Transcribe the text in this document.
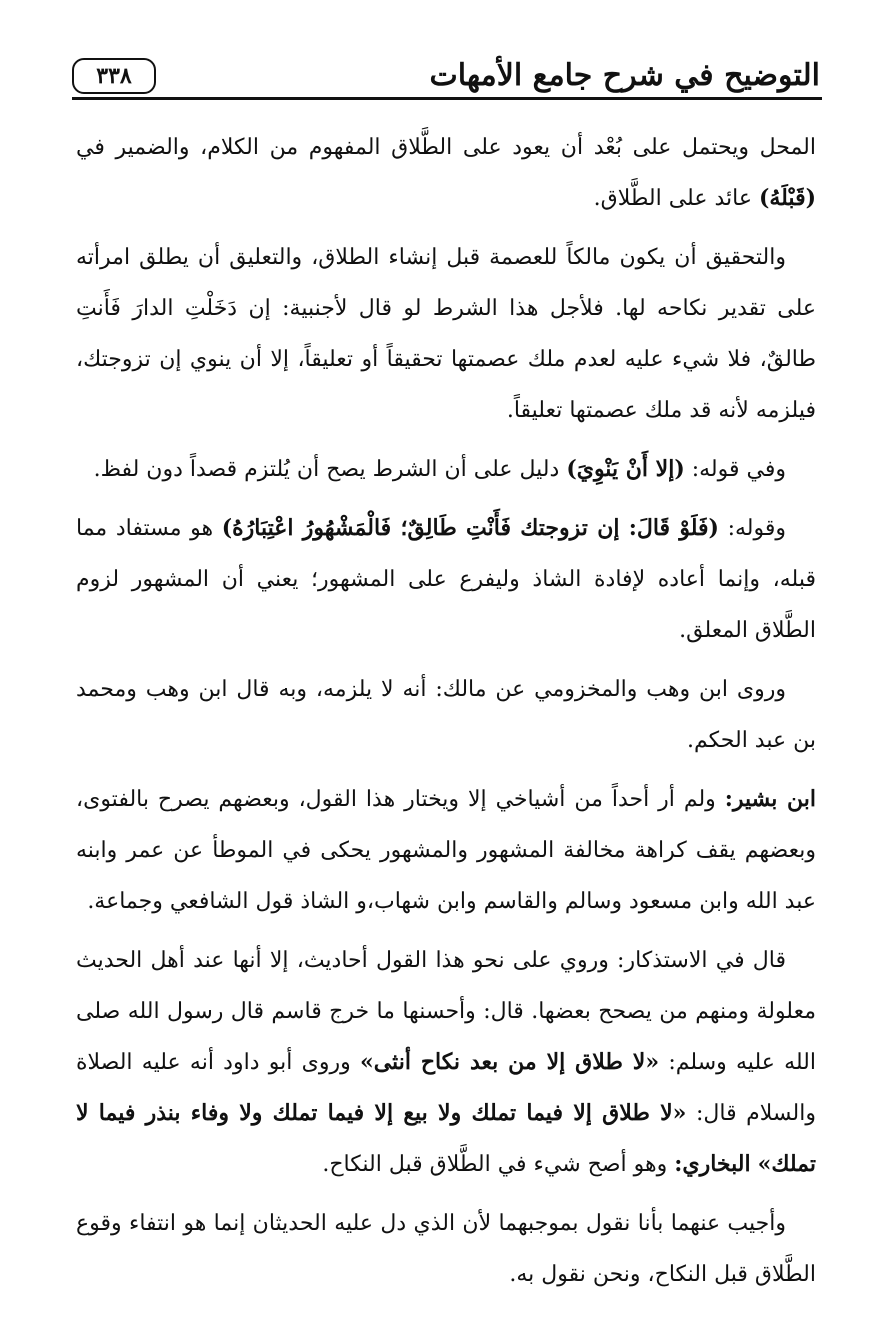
التوضيح في شرح جامع الأمهات
٣٣٨

المحل ويحتمل على بُعْد أن يعود على الطَّلاق المفهوم من الكلام، والضمير في (قَبْلَهُ) عائد على الطَّلاق.

والتحقيق أن يكون مالكاً للعصمة قبل إنشاء الطلاق، والتعليق أن يطلق امرأته على تقدير نكاحه لها. فلأجل هذا الشرط لو قال لأجنبية: إن دَخَلْتِ الدارَ فَأَنتِ طالقٌ، فلا شيء عليه لعدم ملك عصمتها تحقيقاً أو تعليقاً، إلا أن ينوي إن تزوجتك، فيلزمه لأنه قد ملك عصمتها تعليقاً.

وفي قوله: (إلا أَنْ يَنْوِيَ) دليل على أن الشرط يصح أن يُلتزم قصداً دون لفظ.

وقوله: (فَلَوْ قَالَ: إن تزوجتك فَأَنْتِ طَالِقٌ؛ فَالْمَشْهُورُ اعْتِبَارُهُ) هو مستفاد مما قبله، وإنما أعاده لإفادة الشاذ وليفرع على المشهور؛ يعني أن المشهور لزوم الطَّلاق المعلق.

وروى ابن وهب والمخزومي عن مالك: أنه لا يلزمه، وبه قال ابن وهب ومحمد بن عبد الحكم.

ابن بشير: ولم أر أحداً من أشياخي إلا ويختار هذا القول، وبعضهم يصرح بالفتوى، وبعضهم يقف كراهة مخالفة المشهور والمشهور يحكى في الموطأ عن عمر وابنه عبد الله وابن مسعود وسالم والقاسم وابن شهاب،و الشاذ قول الشافعي وجماعة.

قال في الاستذكار: وروي على نحو هذا القول أحاديث، إلا أنها عند أهل الحديث معلولة ومنهم من يصحح بعضها. قال: وأحسنها ما خرج قاسم قال رسول الله صلى الله عليه وسلم: «لا طلاق إلا من بعد نكاح أنثى» وروى أبو داود أنه عليه الصلاة والسلام قال: «لا طلاق إلا فيما تملك ولا بيع إلا فيما تملك ولا وفاء بنذر فيما لا تملك» البخاري: وهو أصح شيء في الطَّلاق قبل النكاح.

وأجيب عنهما بأنا نقول بموجبهما لأن الذي دل عليه الحديثان إنما هو انتفاء وقوع الطَّلاق قبل النكاح، ونحن نقول به.
